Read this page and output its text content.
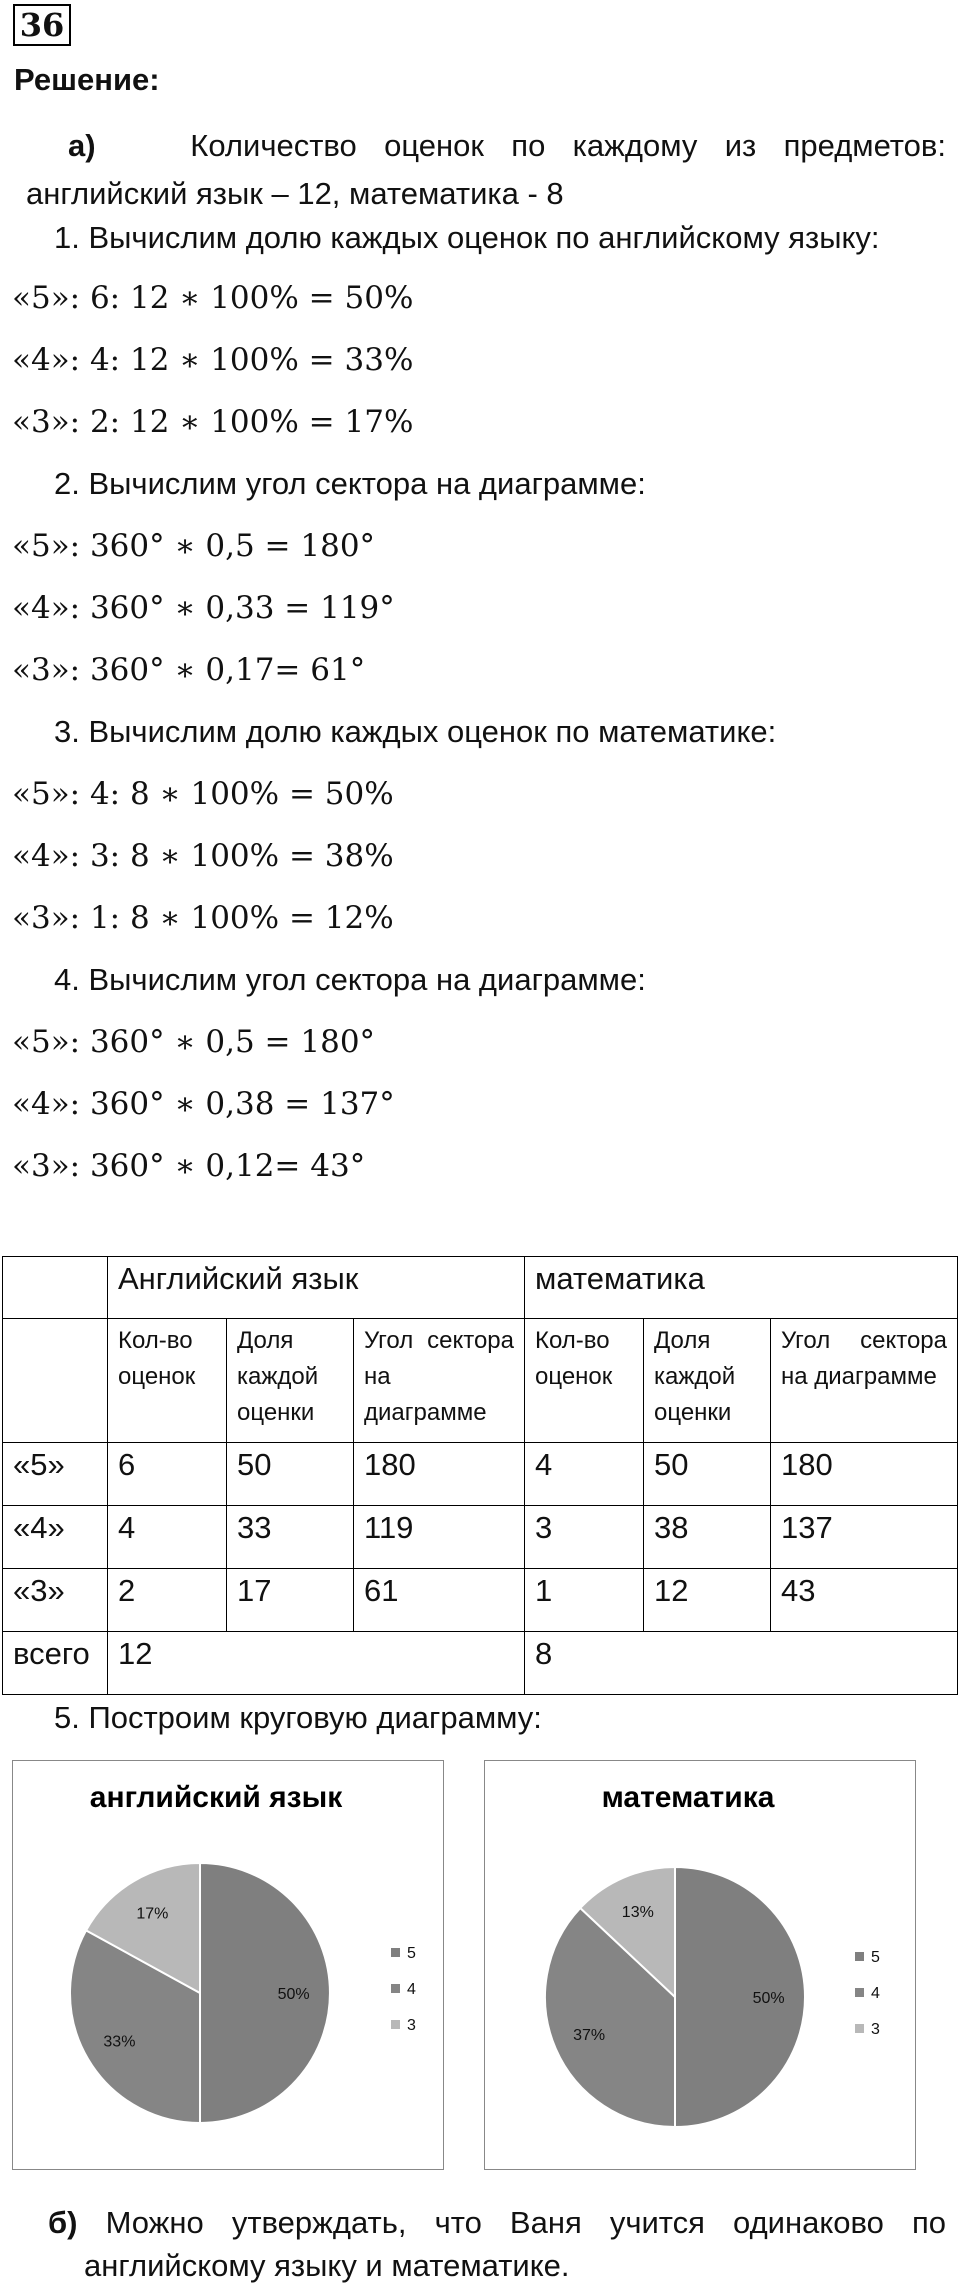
36
Решение:
а)	Количество оценок по каждому из предметов:
английский язык – 12, математика - 8
1. Вычислим долю каждых оценок по английскому языку:
«5»: 6: 12 ∗ 100% = 50%
«4»: 4: 12 ∗ 100% = 33%
«3»: 2: 12 ∗ 100% = 17%
2. Вычислим угол сектора на диаграмме:
«5»: 360° ∗ 0,5 = 180°
«4»: 360° ∗ 0,33 = 119°
«3»: 360° ∗ 0,17= 61°
3. Вычислим долю каждых оценок по математике:
«5»: 4: 8 ∗ 100% = 50%
«4»: 3: 8 ∗ 100% = 38%
«3»: 1: 8 ∗ 100% = 12%
4. Вычислим угол сектора на диаграмме:
«5»: 360° ∗ 0,5 = 180°
«4»: 360° ∗ 0,38 = 137°
«3»: 360° ∗ 0,12= 43°
	Английский язык			математика		
	Кол-во оценок	Доля каждой оценки	Угол сектора на диаграмме	Кол-во оценок	Доля каждой оценки	Угол сектора на диаграмме
«5»	6	50	180	4	50	180
«4»	4	33	119	3	38	137
«3»	2	17	61	1	12	43
всего	12			8		
5. Построим круговую диаграмму:
английский язык
50%
33%
17%
5
4
3
математика
50%
37%
13%
5
4
3
б) Можно утверждать, что Ваня учится одинаково по
английскому языку и математике.
